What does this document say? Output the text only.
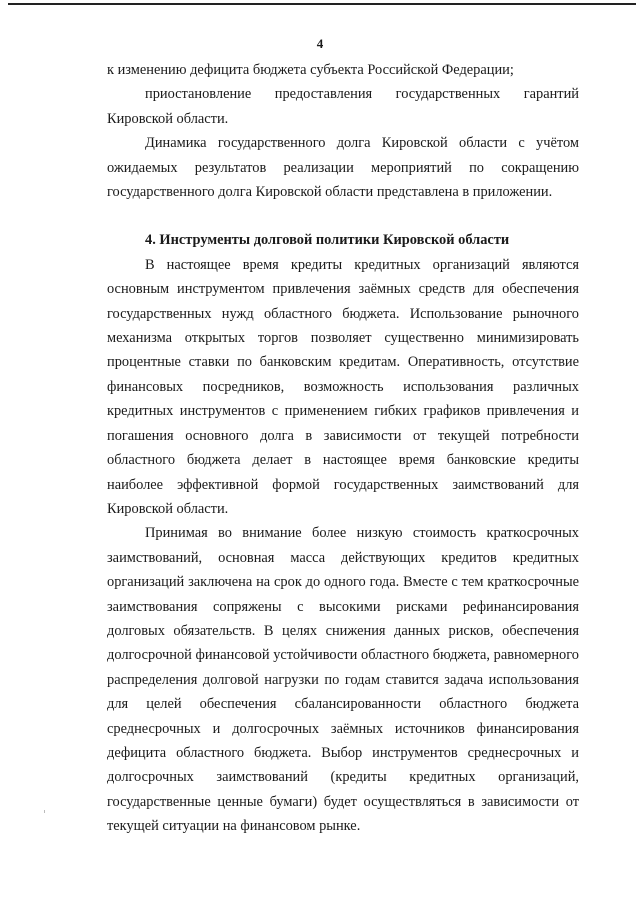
4

к изменению дефицита бюджета субъекта Российской Федерации;

приостановление предоставления государственных гарантий Кировской области.

Динамика государственного долга Кировской области с учётом ожидаемых результатов реализации мероприятий по сокращению государственного долга Кировской области представлена в приложении.

4. Инструменты долговой политики Кировской области

В настоящее время кредиты кредитных организаций являются основным инструментом привлечения заёмных средств для обеспечения государственных нужд областного бюджета. Использование рыночного механизма открытых торгов позволяет существенно минимизировать процентные ставки по банковским кредитам. Оперативность, отсутствие финансовых посредников, возможность использования различных кредитных инструментов с применением гибких графиков привлечения и погашения основного долга в зависимости от текущей потребности областного бюджета делает в настоящее время банковские кредиты наиболее эффективной формой государственных заимствований для Кировской области.

Принимая во внимание более низкую стоимость краткосрочных заимствований, основная масса действующих кредитов кредитных организаций заключена на срок до одного года. Вместе с тем краткосрочные заимствования сопряжены с высокими рисками рефинансирования долговых обязательств. В целях снижения данных рисков, обеспечения долгосрочной финансовой устойчивости областного бюджета, равномерного распределения долговой нагрузки по годам ставится задача использования для целей обеспечения сбалансированности областного бюджета среднесрочных и долгосрочных заёмных источников финансирования дефицита областного бюджета. Выбор инструментов среднесрочных и долгосрочных заимствований (кредиты кредитных организаций, государственные ценные бумаги) будет осуществляться в зависимости от текущей ситуации на финансовом рынке.
